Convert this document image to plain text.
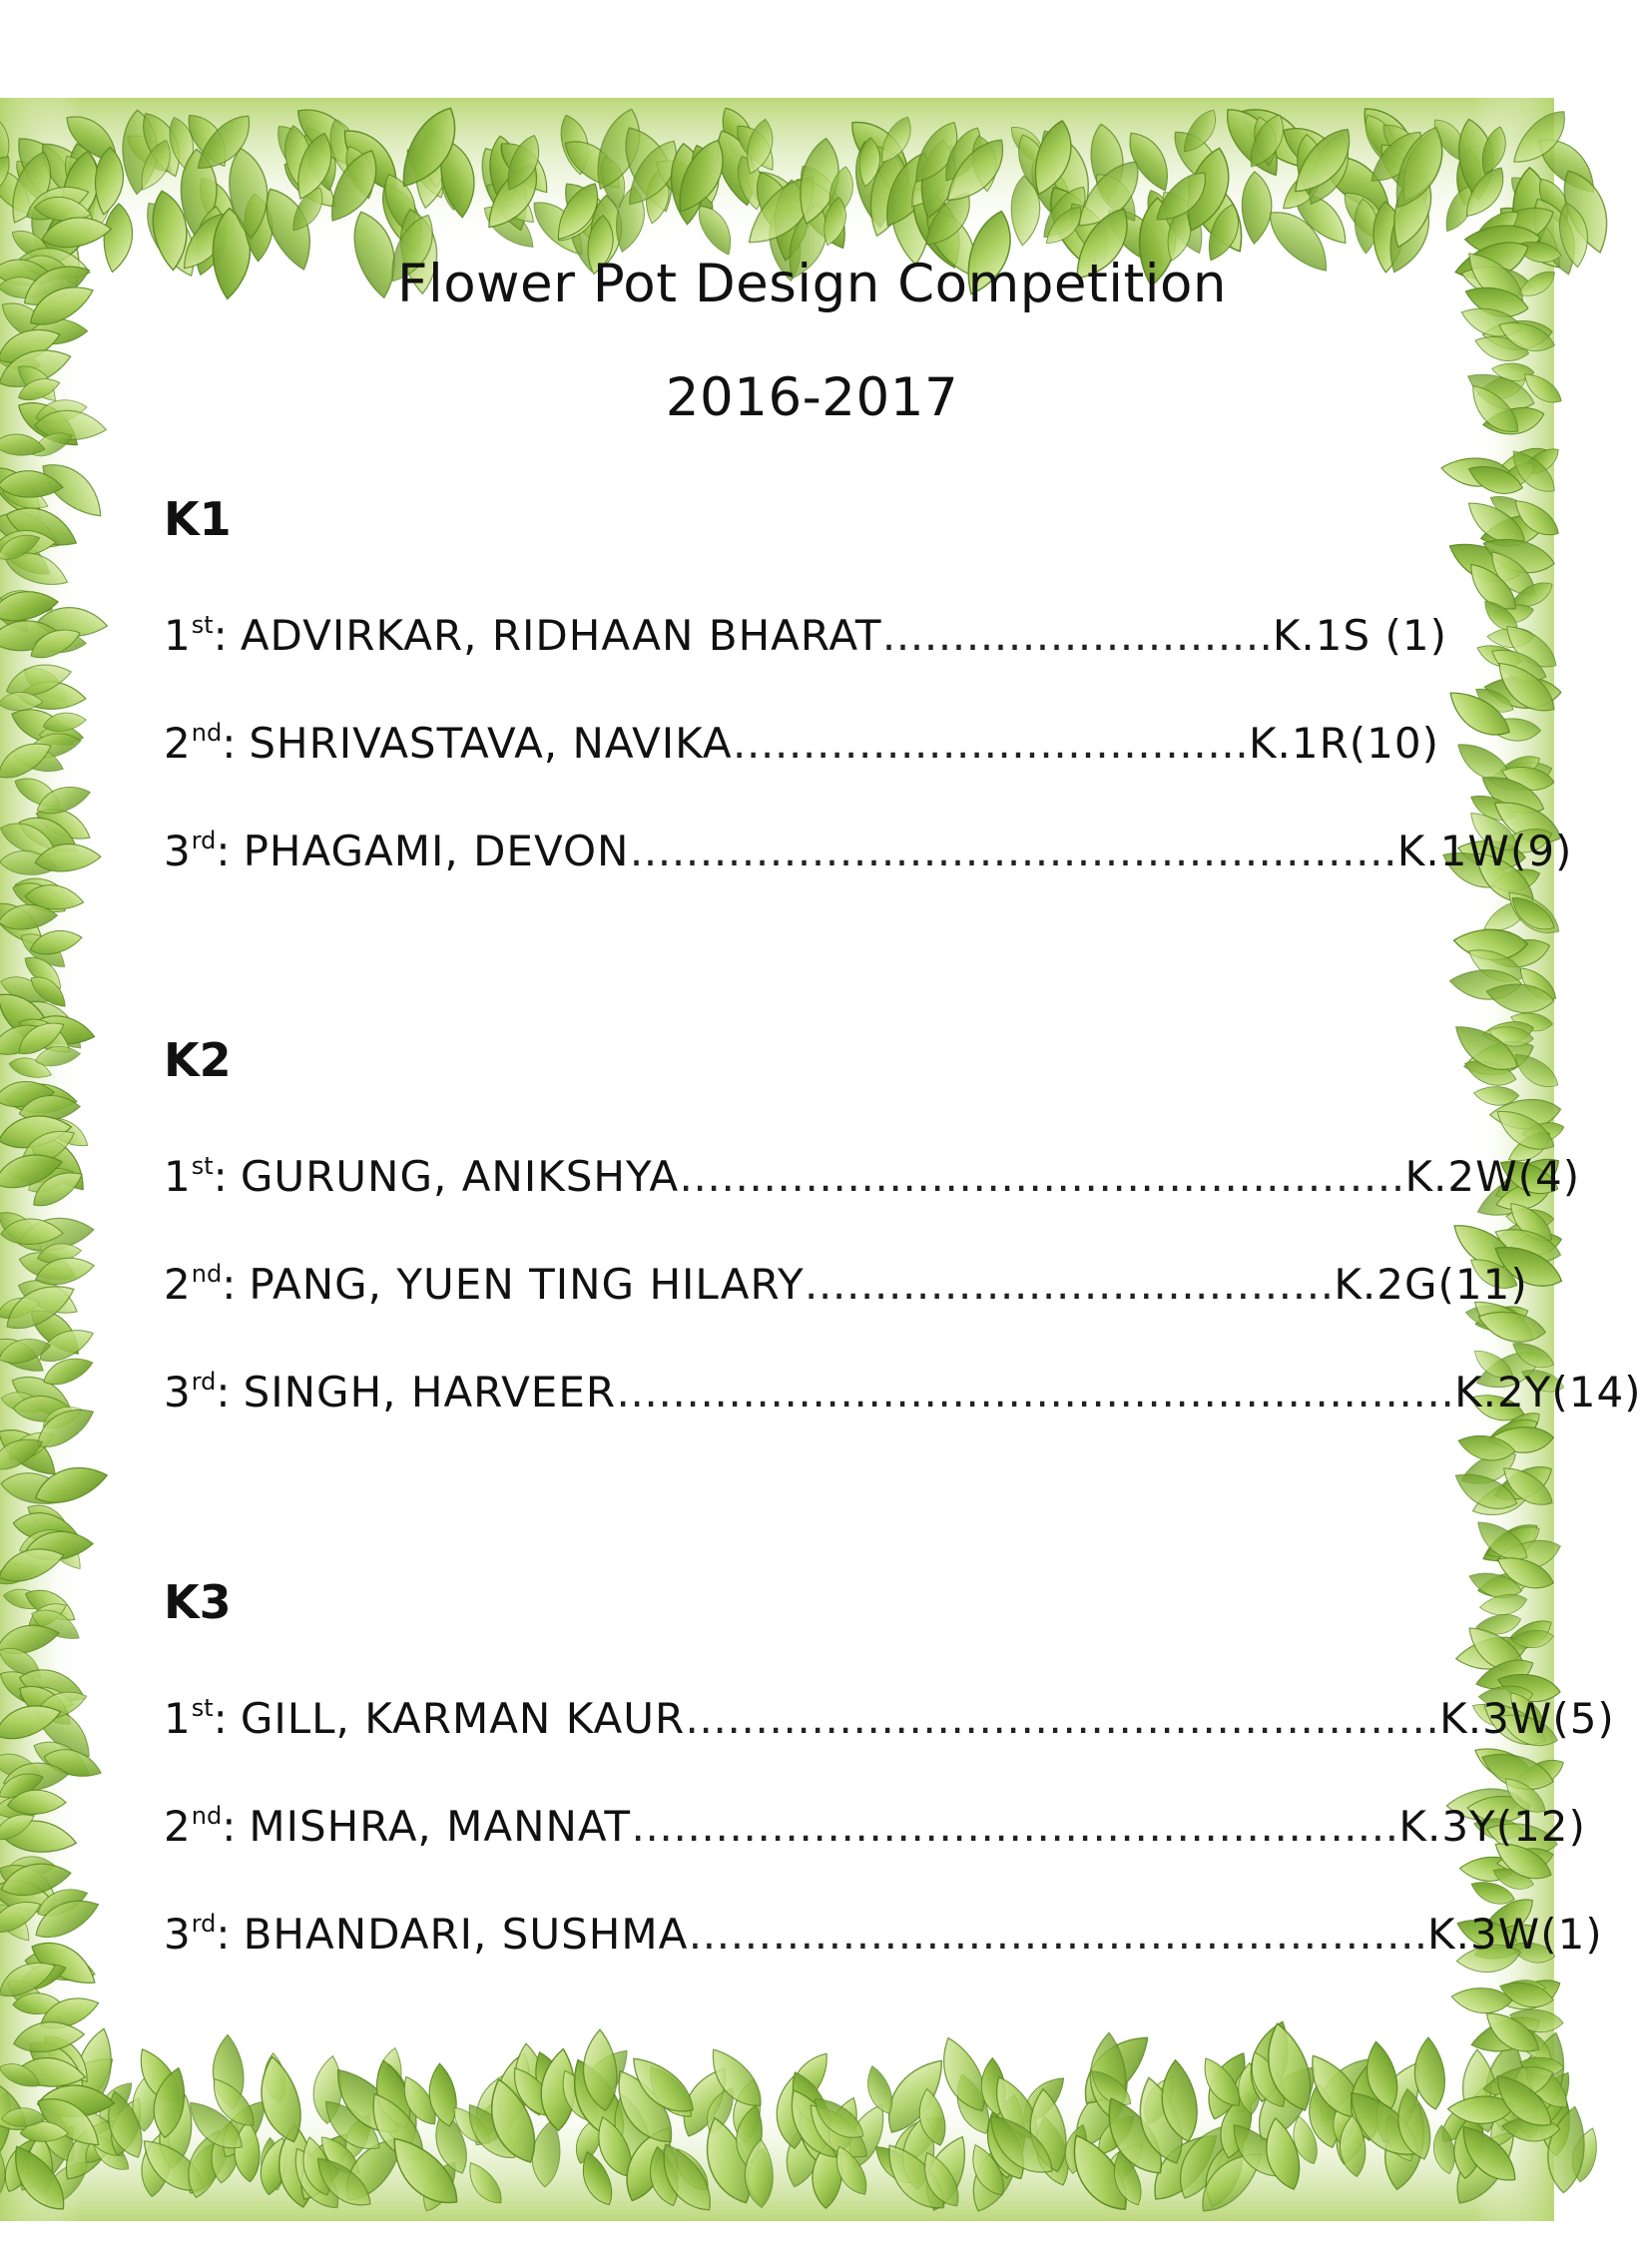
Flower Pot Design Competition
2016-2017
K1
1st : ADVIRKAR, RIDHAAN BHARAT ………………………. K.1S (1)
2nd : SHRIVASTAVA, NAVIKA ……………….……………… K.1R(10)
3rd : PHAGAMI, DEVON ……………………………………….……… K.1W(9)
K2
1st : GURUNG, ANIKSHYA …………………………………….……… K.2W(4)
2nd : PANG, YUEN TING HILARY …………………….….……… K.2G(11)
3rd : SINGH, HARVEER …………………………………………………… K.2Y(14)
K3
1st : GILL, KARMAN KAUR ……………………………………………… K.3W(5)
2nd : MISHRA, MANNAT …………………………………………….… K.3Y(12)
3rd : BHANDARI, SUSHMA ………………………………………….…. K.3W(1)
